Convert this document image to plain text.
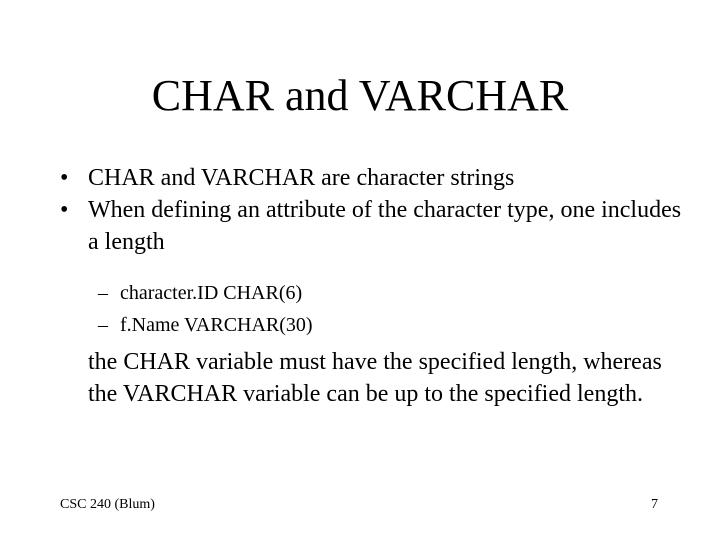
CHAR and VARCHAR
• CHAR and VARCHAR are character strings
• When defining an attribute of the character type, one includes a length
– character.ID CHAR(6)
– f.Name VARCHAR(30)

the CHAR variable must have the specified length, whereas the VARCHAR variable can be up to the specified length.

CSC 240 (Blum)	7
